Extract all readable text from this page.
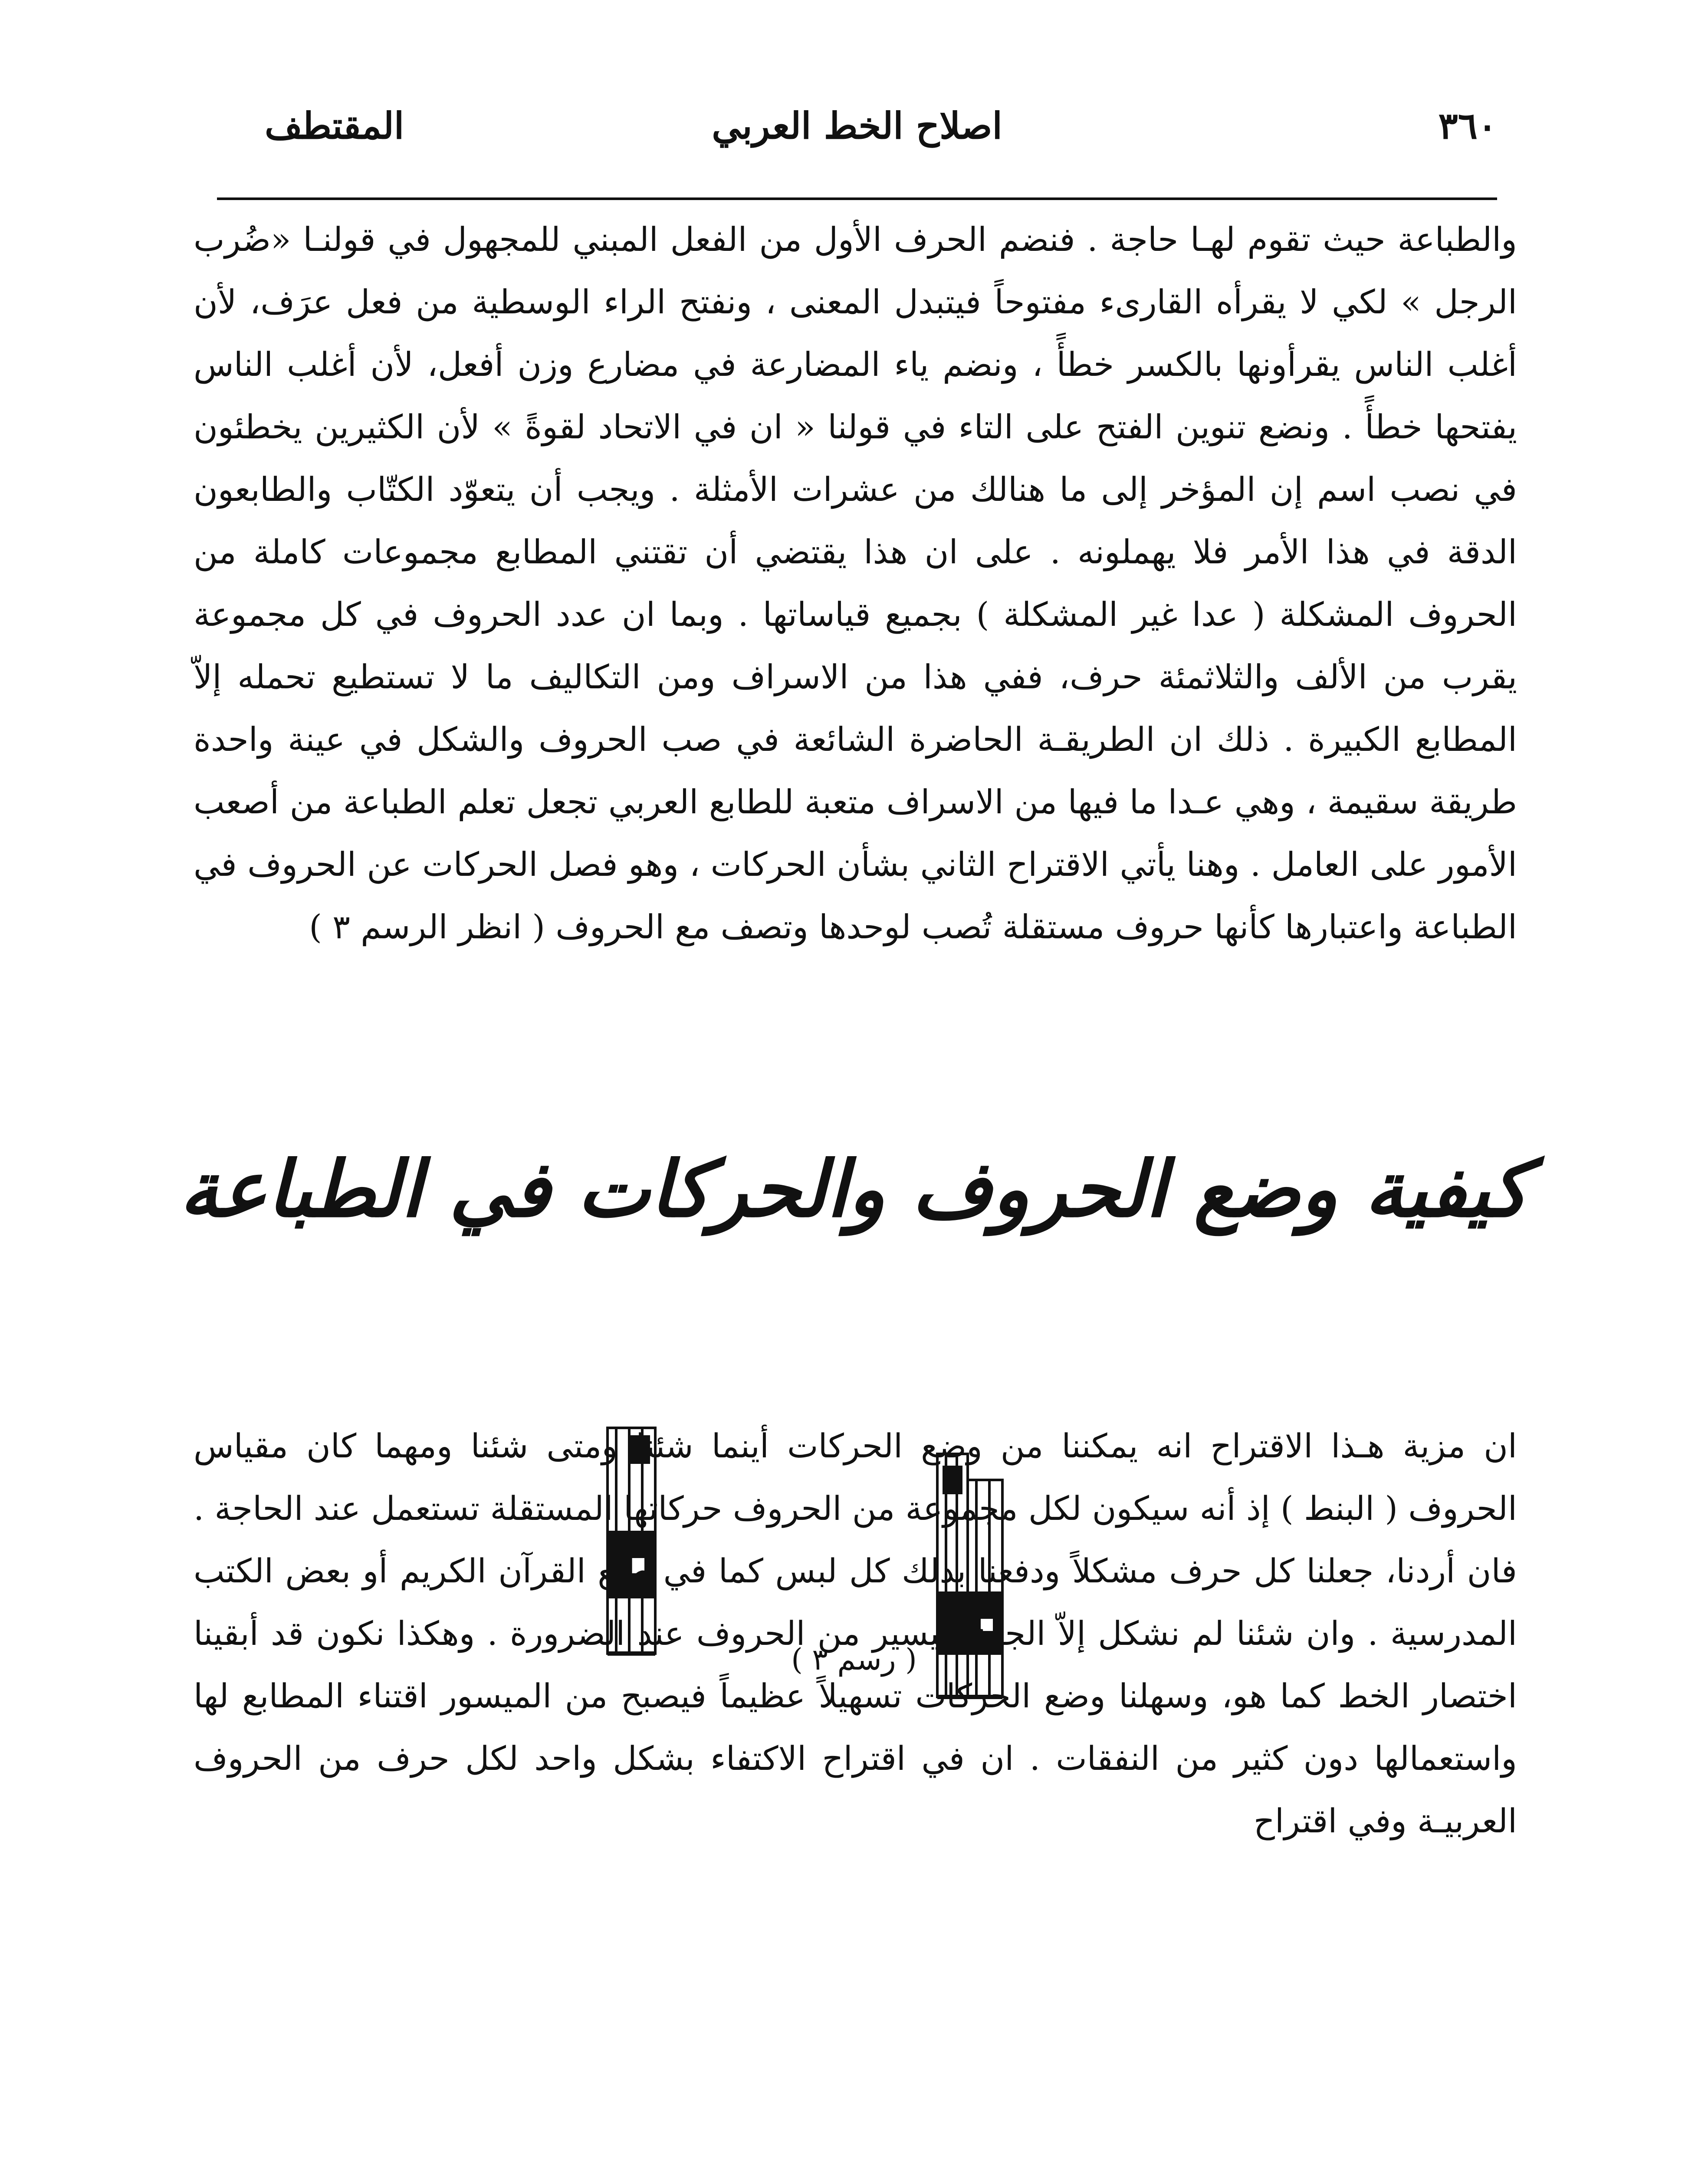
٣٦٠
اصلاح الخط العربي
المقتطف

والطباعة حيث تقوم لهـا حاجة . فنضم الحرف الأول من الفعل المبني للمجهول في قولنـا «ضُرب الرجل » لكي لا يقرأه القارىء مفتوحاً فيتبدل المعنى ، ونفتح الراء الوسطية من فعل عرَف، لأن أغلب الناس يقرأونها بالكسر خطأً ، ونضم ياء المضارعة في مضارع وزن أفعل، لأن أغلب الناس يفتحها خطأً . ونضع تنوين الفتح على التاء في قولنا « ان في الاتحاد لقوةً » لأن الكثيرين يخطئون في نصب اسم إن المؤخر إلى ما هنالك من عشرات الأمثلة . ويجب أن يتعوّد الكتّاب والطابعون الدقة في هذا الأمر فلا يهملونه . على ان هذا يقتضي أن تقتني المطابع مجموعات كاملة من الحروف المشكلة ( عدا غير المشكلة ) بجميع قياساتها . وبما ان عدد الحروف في كل مجموعة يقرب من الألف والثلاثمئة حرف، ففي هذا من الاسراف ومن التكاليف ما لا تستطيع تحمله إلاّ المطابع الكبيرة . ذلك ان الطريقـة الحاضرة الشائعة في صب الحروف والشكل في عينة واحدة طريقة سقيمة ، وهي عـدا ما فيها من الاسراف متعبة للطابع العربي تجعل تعلم الطباعة من أصعب الأمور على العامل . وهنا يأتي الاقتراح الثاني بشأن الحركات ، وهو فصل الحركات عن الحروف في الطباعة واعتبارها كأنها حروف مستقلة تُصب لوحدها وتصف مع الحروف ( انظر الرسم ٣ )

كيفية وضع الحروف والحركات في الطباعة
( رسم ٣ )

ان مزية هـذا الاقتراح انه يمكننا من وضع الحركات أينما شئنا ومتى شئنا ومهما كان مقياس الحروف ( البنط ) إذ أنه سيكون لكل مجموعة من الحروف حركاتها المستقلة تستعمل عند الحاجة . فان أردنا، جعلنا كل حرف مشكلاً ودفعنا بذلك كل لبس كما في طبع القرآن الكريم أو بعض الكتب المدرسية . وان شئنا لم نشكل إلاّ الجزء اليسير من الحروف عند الضرورة . وهكذا نكون قد أبقينا اختصار الخط كما هو، وسهلنا وضع الحركات تسهيلاً عظيماً فيصبح من الميسور اقتناء المطابع لها واستعمالها دون كثير من النفقات . ان في اقتراح الاكتفاء بشكل واحد لكل حرف من الحروف العربيـة وفي اقتراح
